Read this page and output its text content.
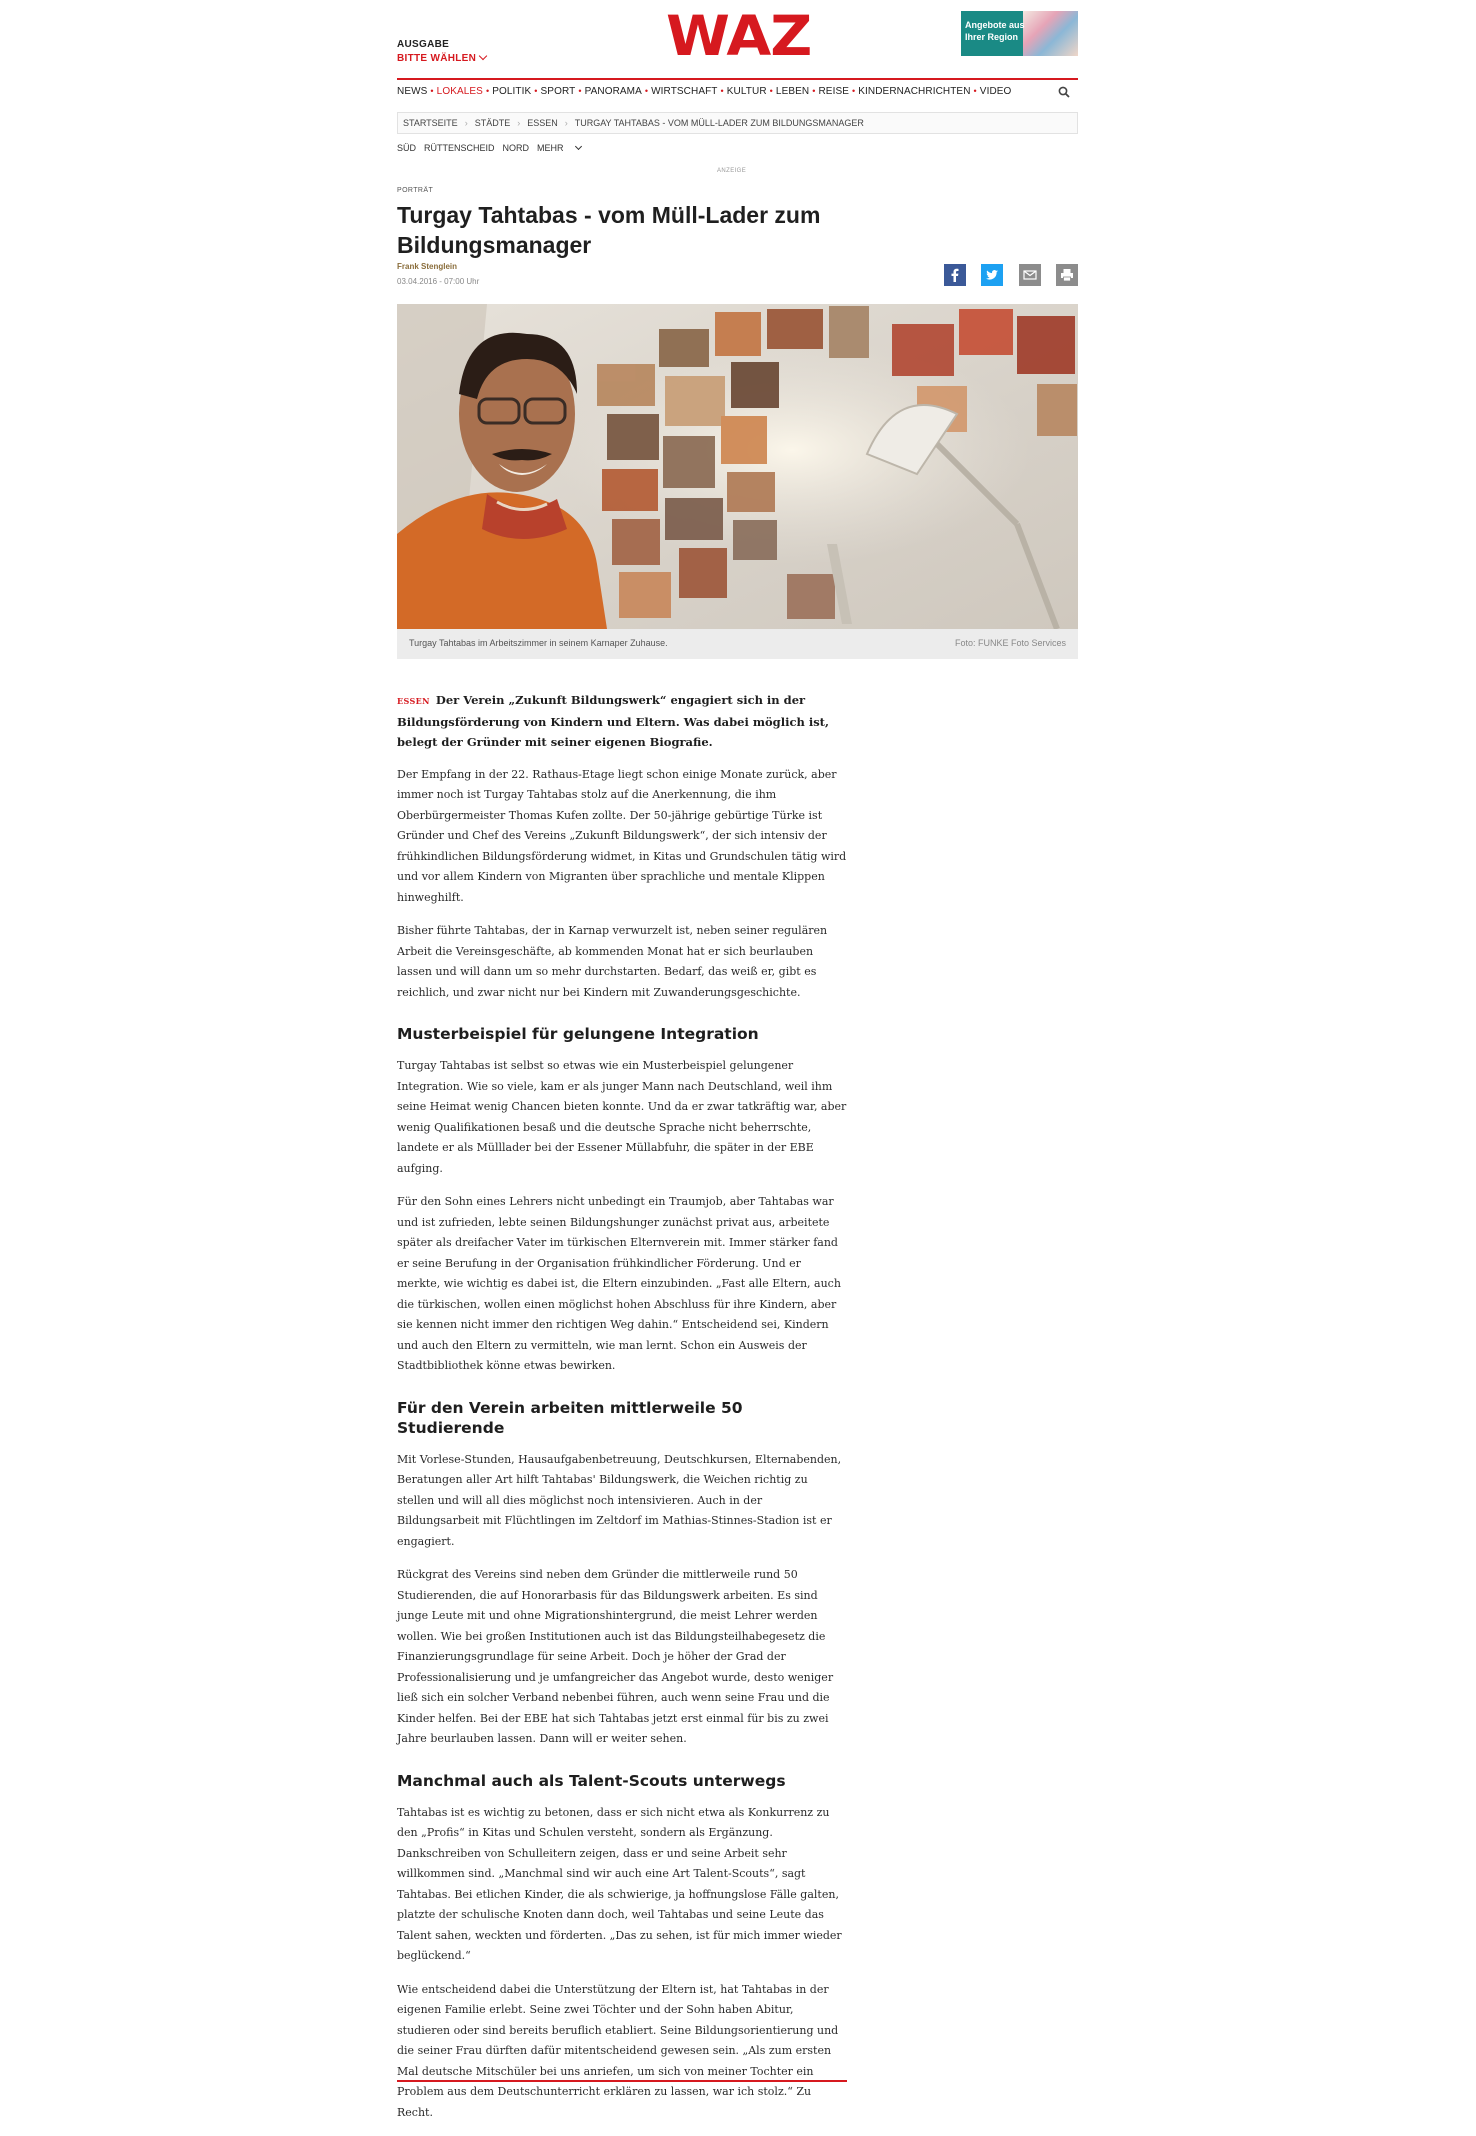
AUSGABE
BITTE WÄHLEN	WAZ	Angebote aus Ihrer Region
NEWS • LOKALES • POLITIK • SPORT • PANORAMA • WIRTSCHAFT • KULTUR • LEBEN • REISE • KINDERNACHRICHTEN • VIDEO
STARTSEITE › STÄDTE › ESSEN › TURGAY TAHTABAS - VOM MÜLL-LADER ZUM BILDUNGSMANAGER
SÜD RÜTTENSCHEID NORD MEHR
ANZEIGE
PORTRÄT
Turgay Tahtabas - vom Müll-Lader zum Bildungsmanager
Frank Stenglein
03.04.2016 - 07:00 Uhr

Turgay Tahtabas im Arbeitszimmer in seinem Karnaper Zuhause.	Foto: FUNKE Foto Services

ESSEN Der Verein „Zukunft Bildungswerk“ engagiert sich in der Bildungsförderung von Kindern und Eltern. Was dabei möglich ist, belegt der Gründer mit seiner eigenen Biografie.

Der Empfang in der 22. Rathaus-Etage liegt schon einige Monate zurück, aber immer noch ist Turgay Tahtabas stolz auf die Anerkennung, die ihm Oberbürgermeister Thomas Kufen zollte. Der 50-jährige gebürtige Türke ist Gründer und Chef des Vereins „Zukunft Bildungswerk“, der sich intensiv der frühkindlichen Bildungsförderung widmet, in Kitas und Grundschulen tätig wird und vor allem Kindern von Migranten über sprachliche und mentale Klippen hinweghilft.

Bisher führte Tahtabas, der in Karnap verwurzelt ist, neben seiner regulären Arbeit die Vereinsgeschäfte, ab kommenden Monat hat er sich beurlauben lassen und will dann um so mehr durchstarten. Bedarf, das weiß er, gibt es reichlich, und zwar nicht nur bei Kindern mit Zuwanderungsgeschichte.

Musterbeispiel für gelungene Integration

Turgay Tahtabas ist selbst so etwas wie ein Musterbeispiel gelungener Integration. Wie so viele, kam er als junger Mann nach Deutschland, weil ihm seine Heimat wenig Chancen bieten konnte. Und da er zwar tatkräftig war, aber wenig Qualifikationen besaß und die deutsche Sprache nicht beherrschte, landete er als Mülllader bei der Essener Müllabfuhr, die später in der EBE aufging.

Für den Sohn eines Lehrers nicht unbedingt ein Traumjob, aber Tahtabas war und ist zufrieden, lebte seinen Bildungshunger zunächst privat aus, arbeitete später als dreifacher Vater im türkischen Elternverein mit. Immer stärker fand er seine Berufung in der Organisation frühkindlicher Förderung. Und er merkte, wie wichtig es dabei ist, die Eltern einzubinden. „Fast alle Eltern, auch die türkischen, wollen einen möglichst hohen Abschluss für ihre Kindern, aber sie kennen nicht immer den richtigen Weg dahin.“ Entscheidend sei, Kindern und auch den Eltern zu vermitteln, wie man lernt. Schon ein Ausweis der Stadtbibliothek könne etwas bewirken.

Für den Verein arbeiten mittlerweile 50 Studierende

Mit Vorlese-Stunden, Hausaufgabenbetreuung, Deutschkursen, Elternabenden, Beratungen aller Art hilft Tahtabas' Bildungswerk, die Weichen richtig zu stellen und will all dies möglichst noch intensivieren. Auch in der Bildungsarbeit mit Flüchtlingen im Zeltdorf im Mathias-Stinnes-Stadion ist er engagiert.

Rückgrat des Vereins sind neben dem Gründer die mittlerweile rund 50 Studierenden, die auf Honorarbasis für das Bildungswerk arbeiten. Es sind junge Leute mit und ohne Migrationshintergrund, die meist Lehrer werden wollen. Wie bei großen Institutionen auch ist das Bildungsteilhabegesetz die Finanzierungsgrundlage für seine Arbeit. Doch je höher der Grad der Professionalisierung und je umfangreicher das Angebot wurde, desto weniger ließ sich ein solcher Verband nebenbei führen, auch wenn seine Frau und die Kinder helfen. Bei der EBE hat sich Tahtabas jetzt erst einmal für bis zu zwei Jahre beurlauben lassen. Dann will er weiter sehen.

Manchmal auch als Talent-Scouts unterwegs

Tahtabas ist es wichtig zu betonen, dass er sich nicht etwa als Konkurrenz zu den „Profis“ in Kitas und Schulen versteht, sondern als Ergänzung. Dankschreiben von Schulleitern zeigen, dass er und seine Arbeit sehr willkommen sind. „Manchmal sind wir auch eine Art Talent-Scouts“, sagt Tahtabas. Bei etlichen Kinder, die als schwierige, ja hoffnungslose Fälle galten, platzte der schulische Knoten dann doch, weil Tahtabas und seine Leute das Talent sahen, weckten und förderten. „Das zu sehen, ist für mich immer wieder beglückend.“

Wie entscheidend dabei die Unterstützung der Eltern ist, hat Tahtabas in der eigenen Familie erlebt. Seine zwei Töchter und der Sohn haben Abitur, studieren oder sind bereits beruflich etabliert. Seine Bildungsorientierung und die seiner Frau dürften dafür mitentscheidend gewesen sein. „Als zum ersten Mal deutsche Mitschüler bei uns anriefen, um sich von meiner Tochter ein Problem aus dem Deutschunterricht erklären zu lassen, war ich stolz.“ Zu Recht.
